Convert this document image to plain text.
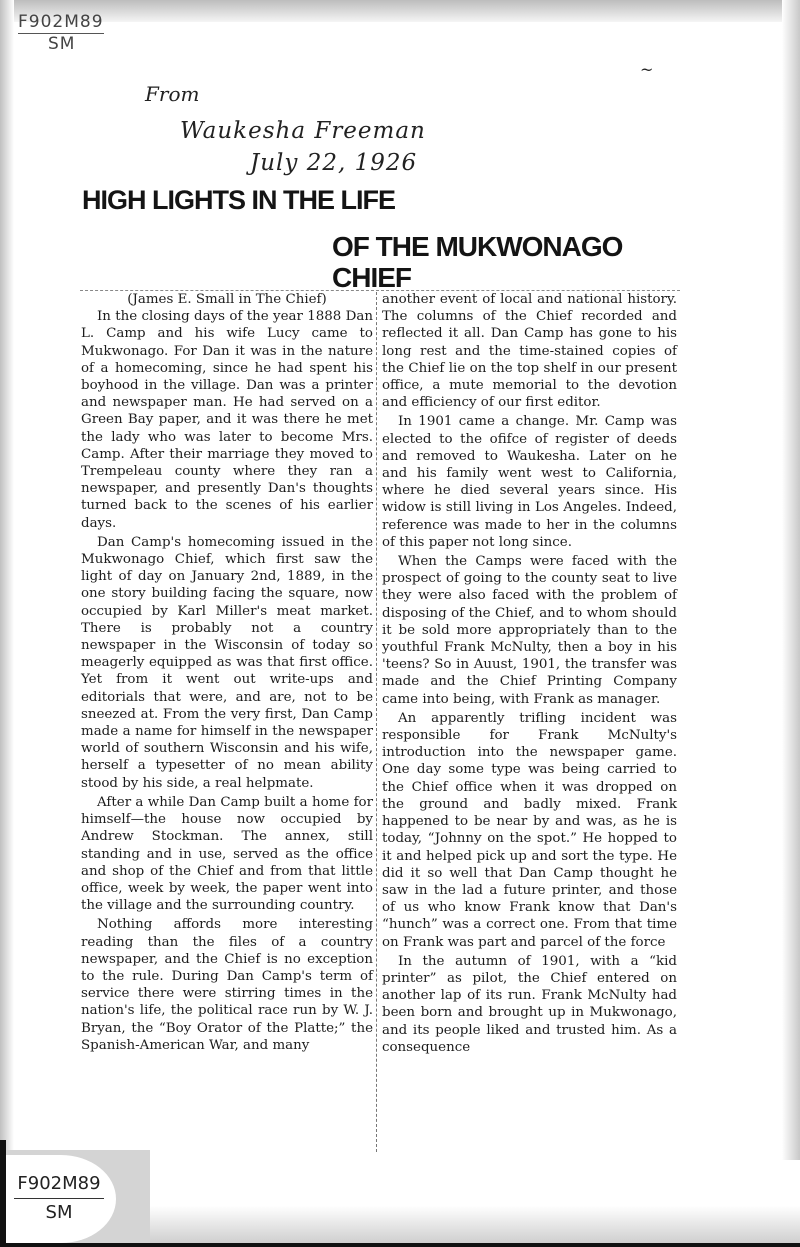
F902M89
SM
From
Waukesha Freeman
July 22, 1926
~
HIGH LIGHTS IN THE LIFE
OF THE MUKWONAGO CHIEF

(James E. Small in The Chief)

In the closing days of the year 1888 Dan L. Camp and his wife Lucy came to Mukwonago. For Dan it was in the nature of a homecoming, since he had spent his boyhood in the village. Dan was a printer and newspaper man. He had served on a Green Bay paper, and it was there he met the lady who was later to become Mrs. Camp. After their marriage they moved to Trempeleau county where they ran a newspaper, and presently Dan's thoughts turned back to the scenes of his earlier days.

Dan Camp's homecoming issued in the Mukwonago Chief, which first saw the light of day on January 2nd, 1889, in the one story building facing the square, now occupied by Karl Miller's meat market. There is probably not a country newspaper in the Wisconsin of today so meagerly equipped as was that first office. Yet from it went out write-ups and editorials that were, and are, not to be sneezed at. From the very first, Dan Camp made a name for himself in the newspaper world of southern Wisconsin and his wife, herself a typesetter of no mean ability stood by his side, a real helpmate.

After a while Dan Camp built a home for himself—the house now occupied by Andrew Stockman. The annex, still standing and in use, served as the office and shop of the Chief and from that little office, week by week, the paper went into the village and the surrounding country.

Nothing affords more interesting reading than the files of a country newspaper, and the Chief is no exception to the rule. During Dan Camp's term of service there were stirring times in the nation's life, the political race run by W. J. Bryan, the “Boy Orator of the Platte;” the Spanish-American War, and many

another event of local and national history. The columns of the Chief recorded and reflected it all. Dan Camp has gone to his long rest and the time-stained copies of the Chief lie on the top shelf in our present office, a mute memorial to the devotion and efficiency of our first editor.

In 1901 came a change. Mr. Camp was elected to the ofifce of register of deeds and removed to Waukesha. Later on he and his family went west to California, where he died several years since. His widow is still living in Los Angeles. Indeed, reference was made to her in the columns of this paper not long since.

When the Camps were faced with the prospect of going to the county seat to live they were also faced with the problem of disposing of the Chief, and to whom should it be sold more appropriately than to the youthful Frank McNulty, then a boy in his 'teens? So in Auust, 1901, the transfer was made and the Chief Printing Company came into being, with Frank as manager.

An apparently trifling incident was responsible for Frank McNulty's introduction into the newspaper game. One day some type was being carried to the Chief office when it was dropped on the ground and badly mixed. Frank happened to be near by and was, as he is today, “Johnny on the spot.” He hopped to it and helped pick up and sort the type. He did it so well that Dan Camp thought he saw in the lad a future printer, and those of us who know Frank know that Dan's “hunch” was a correct one. From that time on Frank was part and parcel of the force

In the autumn of 1901, with a “kid printer” as pilot, the Chief entered on another lap of its run. Frank McNulty had been born and brought up in Mukwonago, and its people liked and trusted him. As a consequence

F902M89
SM
